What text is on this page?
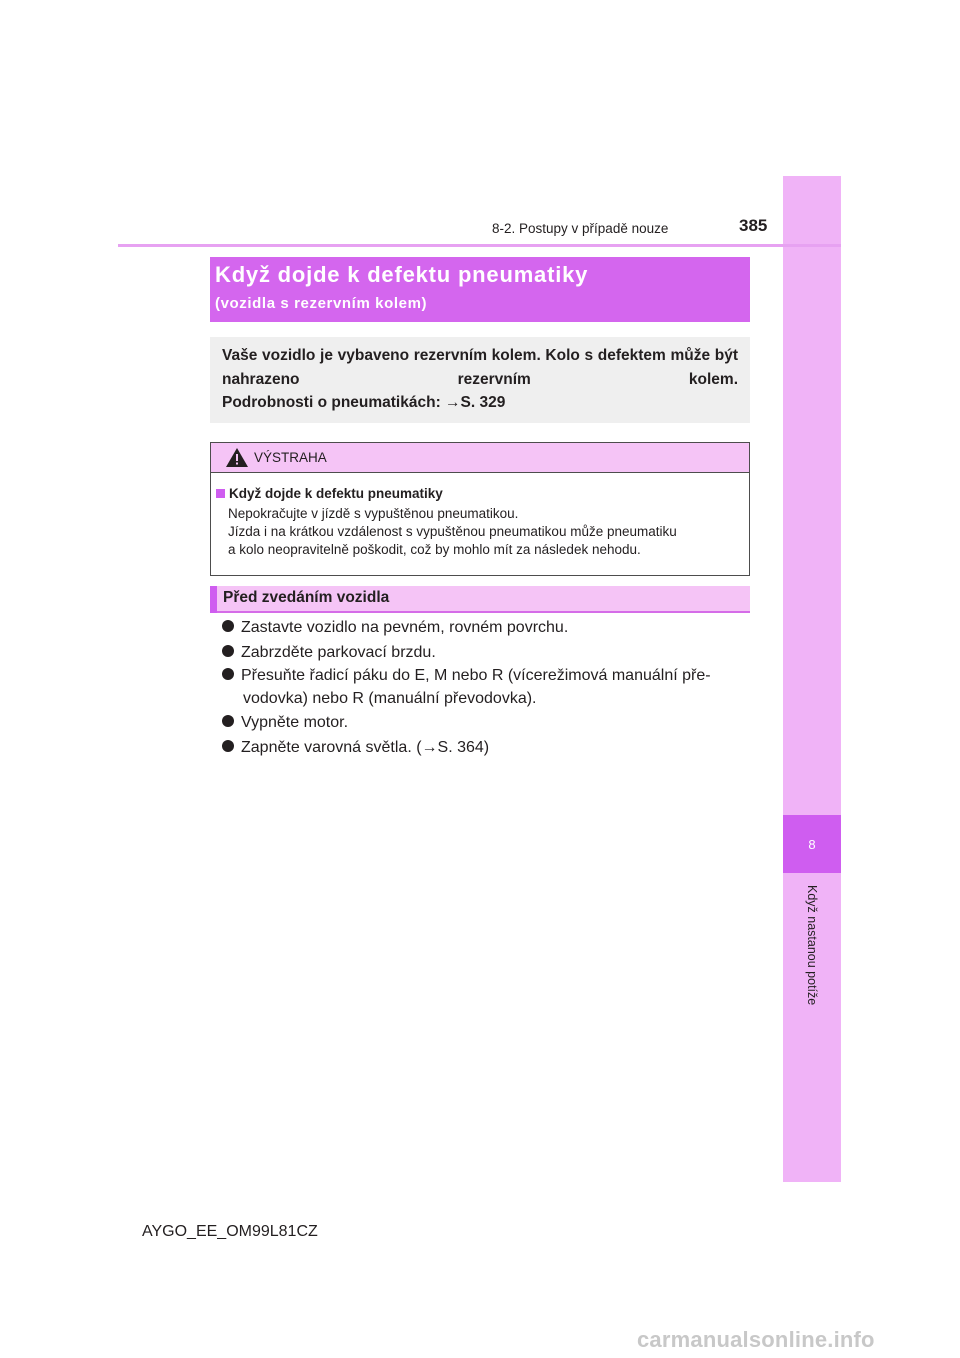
8
Když nastanou potíže
8-2. Postupy v případě nouze	385
Když dojde k defektu pneumatiky
(vozidla s rezervním kolem)
Vaše vozidlo je vybaveno rezervním kolem. Kolo s defektem může být nahrazeno rezervním kolem.
Podrobnosti o pneumatikách: →S. 329
VÝSTRAHA
Když dojde k defektu pneumatiky
Nepokračujte v jízdě s vypuštěnou pneumatikou.
Jízda i na krátkou vzdálenost s vypuštěnou pneumatikou může pneumatiku
a kolo neopravitelně poškodit, což by mohlo mít za následek nehodu.
Před zvedáním vozidla
Zastavte vozidlo na pevném, rovném povrchu.
Zabrzděte parkovací brzdu.
Přesuňte řadicí páku do E, M nebo R (vícerežimová manuální pře-
vodovka) nebo R (manuální převodovka).
Vypněte motor.
Zapněte varovná světla. (→S. 364)
AYGO_EE_OM99L81CZ
carmanualsonline.info
